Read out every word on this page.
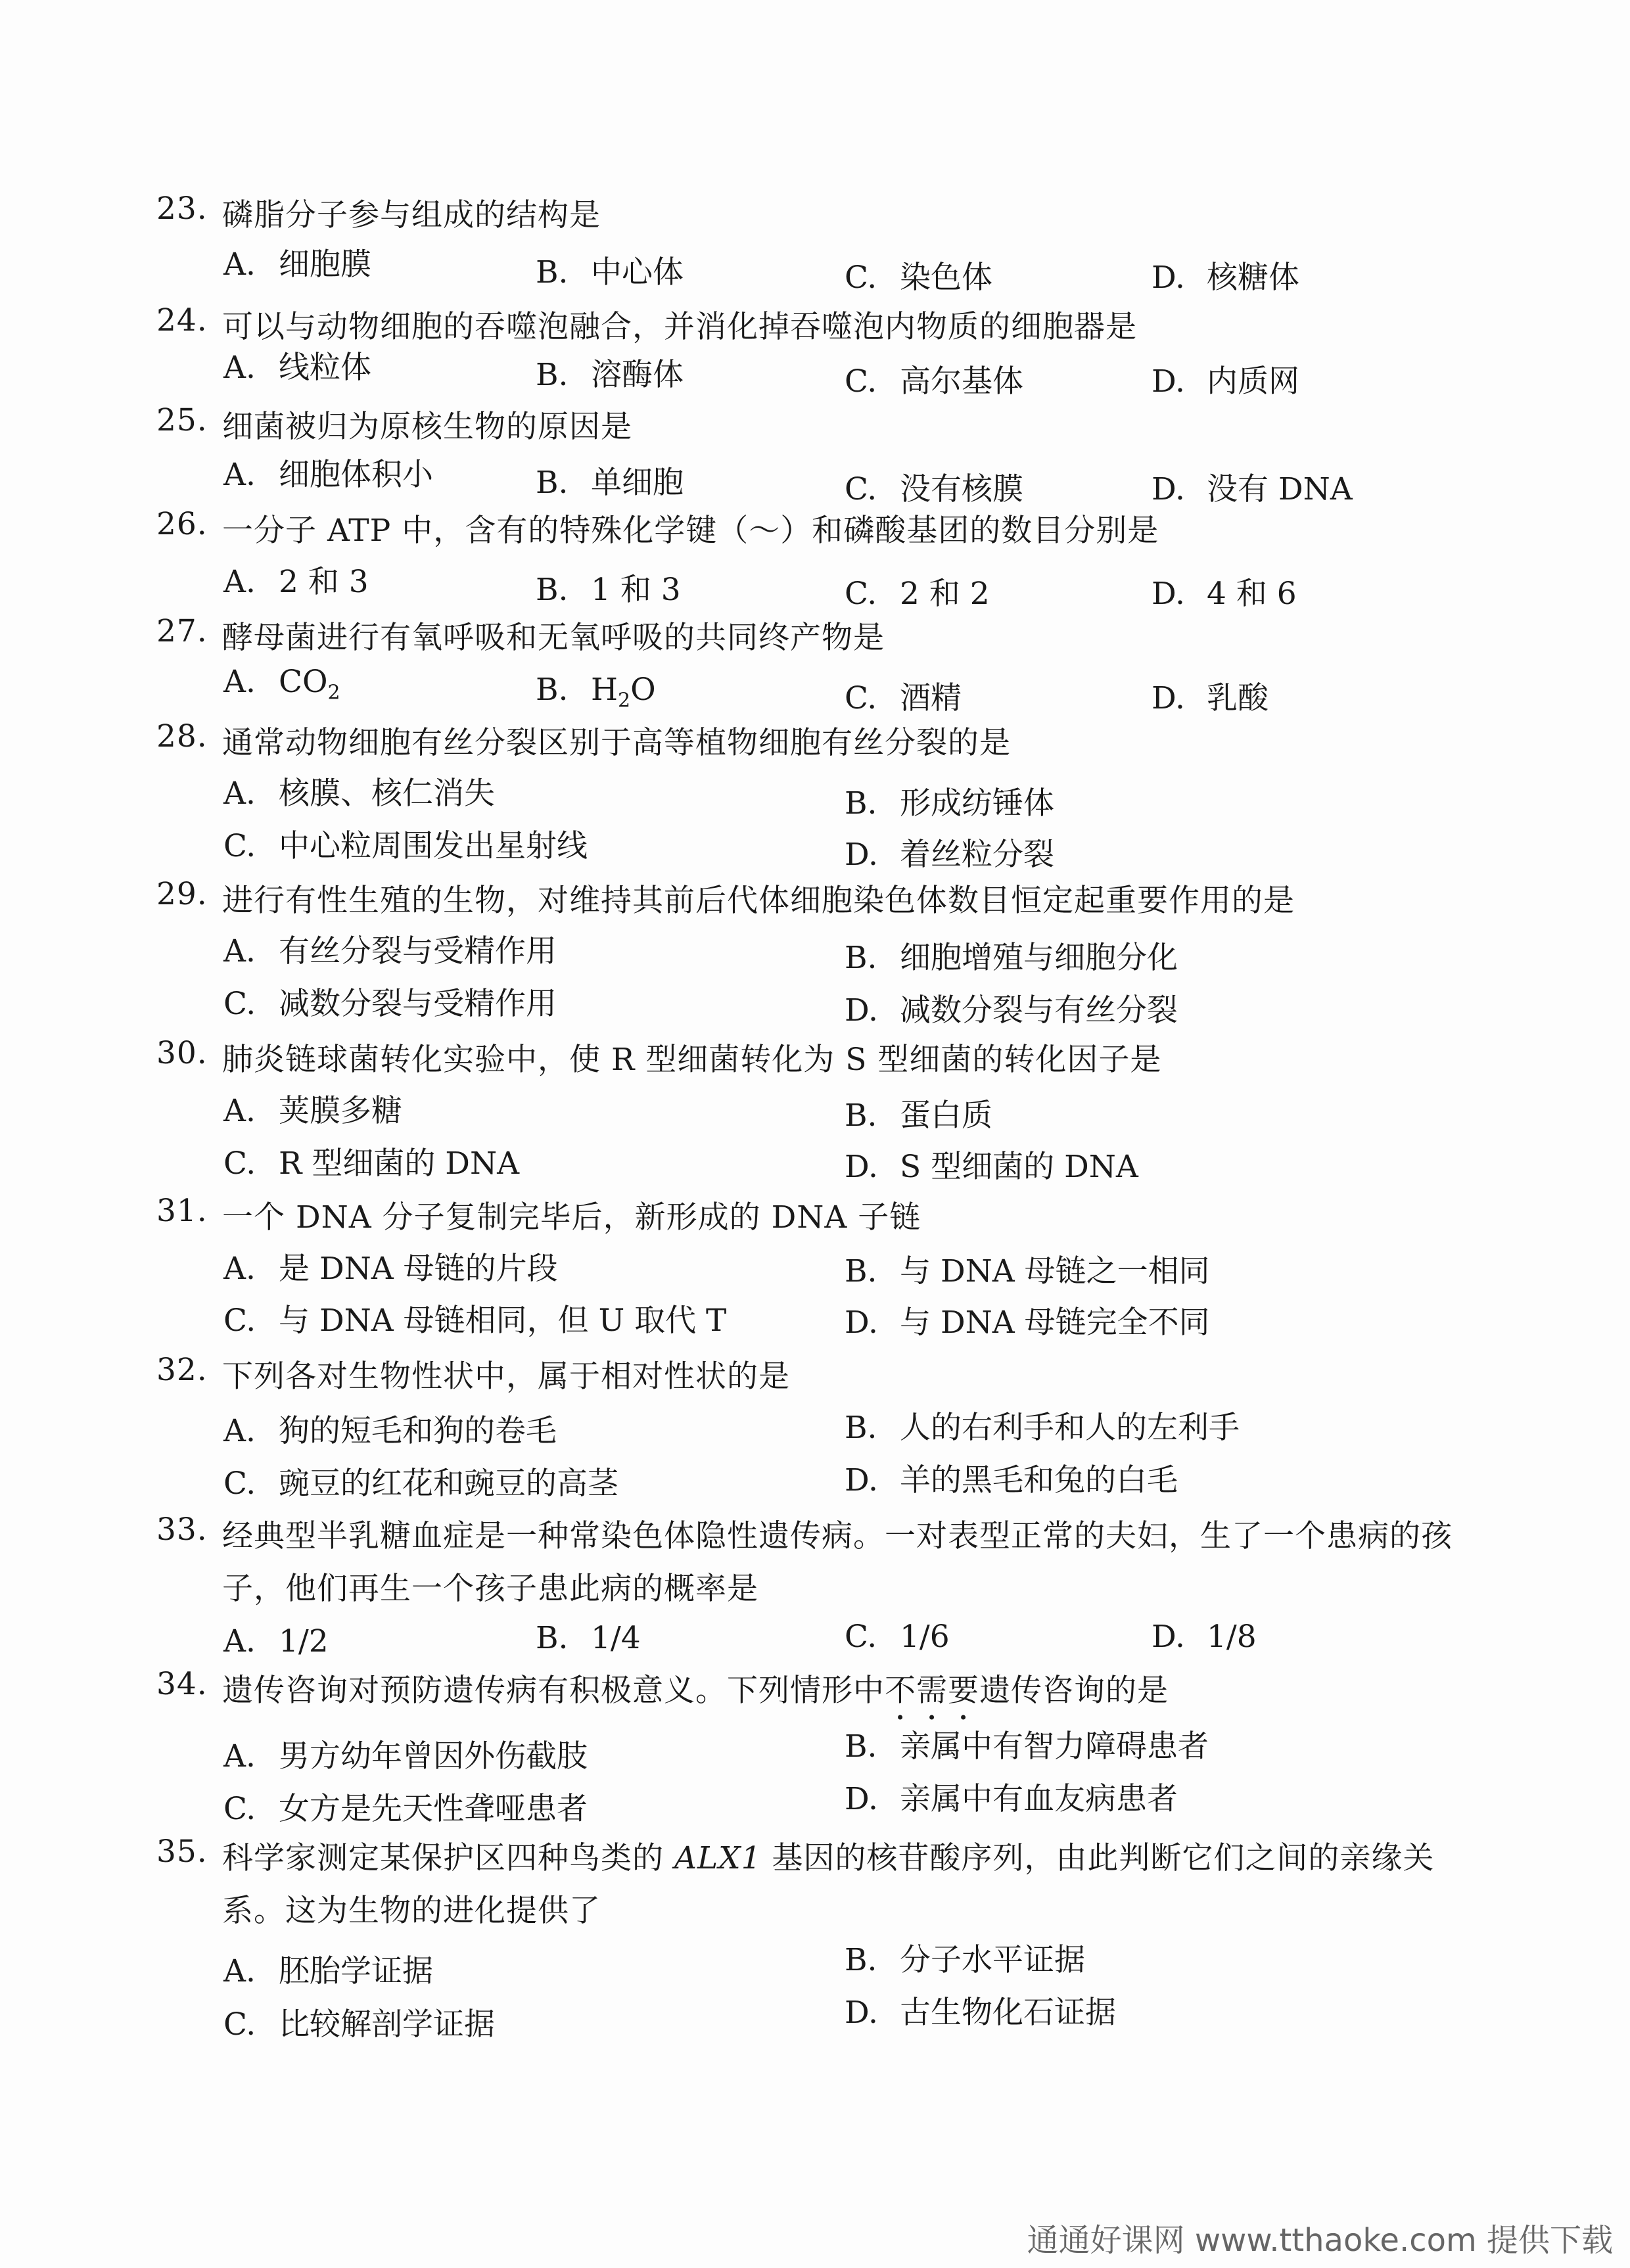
23. 磷脂分子参与组成的结构是
A. 细胞膜	B. 中心体	C. 染色体	D. 核糖体
24. 可以与动物细胞的吞噬泡融合，并消化掉吞噬泡内物质的细胞器是
A. 线粒体	B. 溶酶体	C. 高尔基体	D. 内质网
25. 细菌被归为原核生物的原因是
A. 细胞体积小	B. 单细胞	C. 没有核膜	D. 没有 DNA
26. 一分子 ATP 中，含有的特殊化学键（～）和磷酸基团的数目分别是
A. 2 和 3	B. 1 和 3	C. 2 和 2	D. 4 和 6
27. 酵母菌进行有氧呼吸和无氧呼吸的共同终产物是
A. $CO_2$	B. $H_2O$	C. 酒精	D. 乳酸
28. 通常动物细胞有丝分裂区别于高等植物细胞有丝分裂的是
A. 核膜、核仁消失	B. 形成纺锤体
C. 中心粒周围发出星射线	D. 着丝粒分裂
29. 进行有性生殖的生物，对维持其前后代体细胞染色体数目恒定起重要作用的是
A. 有丝分裂与受精作用	B. 细胞增殖与细胞分化
C. 减数分裂与受精作用	D. 减数分裂与有丝分裂
30. 肺炎链球菌转化实验中，使 R 型细菌转化为 S 型细菌的转化因子是
A. 荚膜多糖	B. 蛋白质
C. R 型细菌的 DNA	D. S 型细菌的 DNA
31. 一个 DNA 分子复制完毕后，新形成的 DNA 子链
A. 是 DNA 母链的片段	B. 与 DNA 母链之一相同
C. 与 DNA 母链相同，但 U 取代 T	D. 与 DNA 母链完全不同
32. 下列各对生物性状中，属于相对性状的是
A. 狗的短毛和狗的卷毛	B. 人的右利手和人的左利手
C. 豌豆的红花和豌豆的高茎	D. 羊的黑毛和兔的白毛
33. 经典型半乳糖血症是一种常染色体隐性遗传病。一对表型正常的夫妇，生了一个患病的孩
子，他们再生一个孩子患此病的概率是
A. 1/2	B. 1/4	C. 1/6	D. 1/8
34. 遗传咨询对预防遗传病有积极意义。下列情形中不需要遗传咨询的是
A. 男方幼年曾因外伤截肢	B. 亲属中有智力障碍患者
C. 女方是先天性聋哑患者	D. 亲属中有血友病患者
35. 科学家测定某保护区四种鸟类的 ALX1 基因的核苷酸序列，由此判断它们之间的亲缘关
系。这为生物的进化提供了
A. 胚胎学证据	B. 分子水平证据
C. 比较解剖学证据	D. 古生物化石证据
通通好课网 www.tthaoke.com 提供下载
